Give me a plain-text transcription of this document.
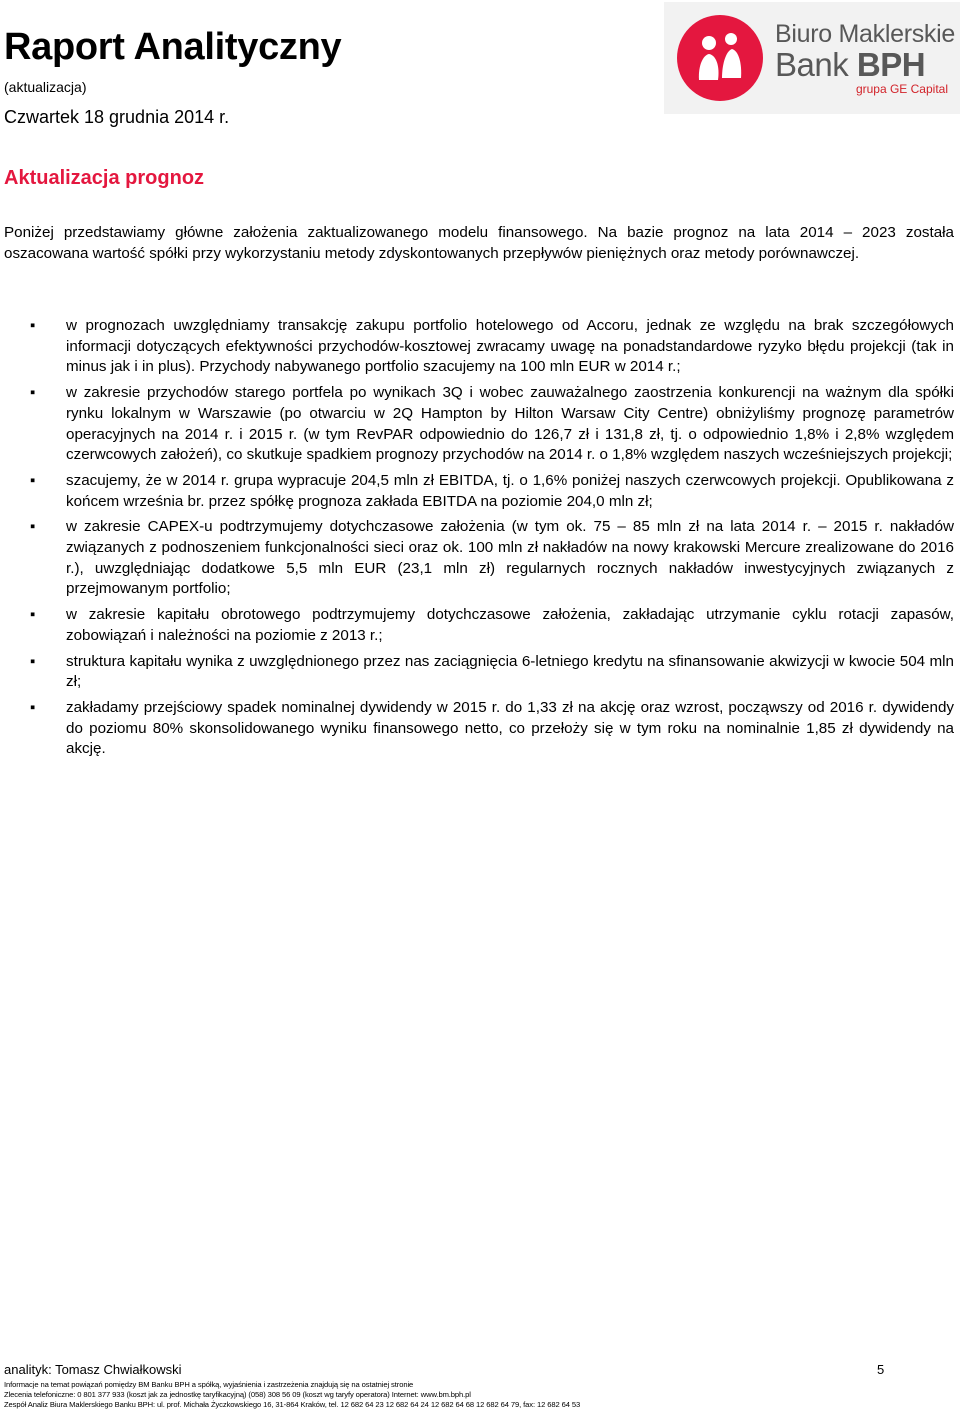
Raport Analityczny
(aktualizacja)
Czwartek 18 grudnia 2014 r.
Biuro Maklerskie
Bank BPH
grupa GE Capital
Aktualizacja prognoz

Poniżej przedstawiamy główne założenia zaktualizowanego modelu finansowego. Na bazie prognoz na lata 2014 – 2023 została oszacowana wartość spółki przy wykorzystaniu metody zdyskontowanych przepływów pieniężnych oraz metody porównawczej.

▪ w prognozach uwzględniamy transakcję zakupu portfolio hotelowego od Accoru, jednak ze względu na brak szczegółowych informacji dotyczących efektywności przychodów-kosztowej zwracamy uwagę na ponadstandardowe ryzyko błędu projekcji (tak in minus jak i in plus). Przychody nabywanego portfolio szacujemy na 100 mln EUR w 2014 r.;
▪ w zakresie przychodów starego portfela po wynikach 3Q i wobec zauważalnego zaostrzenia konkurencji na ważnym dla spółki rynku lokalnym w Warszawie (po otwarciu w 2Q Hampton by Hilton Warsaw City Centre) obniżyliśmy prognozę parametrów operacyjnych na 2014 r. i 2015 r. (w tym RevPAR odpowiednio do 126,7 zł i 131,8 zł, tj. o odpowiednio 1,8% i 2,8% względem czerwcowych założeń), co skutkuje spadkiem prognozy przychodów na 2014 r. o 1,8% względem naszych wcześniejszych projekcji;
▪ szacujemy, że w 2014 r. grupa wypracuje 204,5 mln zł EBITDA, tj. o 1,6% poniżej naszych czerwcowych projekcji. Opublikowana z końcem września br. przez spółkę prognoza zakłada EBITDA na poziomie 204,0 mln zł;
▪ w zakresie CAPEX-u podtrzymujemy dotychczasowe założenia (w tym ok. 75 – 85 mln zł na lata 2014 r. – 2015 r. nakładów związanych z podnoszeniem funkcjonalności sieci oraz ok. 100 mln zł nakładów na nowy krakowski Mercure zrealizowane do 2016 r.), uwzględniając dodatkowe 5,5 mln EUR (23,1 mln zł) regularnych rocznych nakładów inwestycyjnych związanych z przejmowanym portfolio;
▪ w zakresie kapitału obrotowego podtrzymujemy dotychczasowe założenia, zakładając utrzymanie cyklu rotacji zapasów, zobowiązań i należności na poziomie z 2013 r.;
▪ struktura kapitału wynika z uwzględnionego przez nas zaciągnięcia 6-letniego kredytu na sfinansowanie akwizycji w kwocie 504 mln zł;
▪ zakładamy przejściowy spadek nominalnej dywidendy w 2015 r. do 1,33 zł na akcję oraz wzrost, począwszy od 2016 r. dywidendy do poziomu 80% skonsolidowanego wyniku finansowego netto, co przełoży się w tym roku na nominalnie 1,85 zł dywidendy na akcję.
analityk: Tomasz Chwiałkowski	5
Informacje na temat powiązań pomiędzy BM Banku BPH a spółką, wyjaśnienia i zastrzeżenia znajdują się na ostatniej stronie
Zlecenia telefoniczne: 0 801 377 933 (koszt jak za jednostkę taryfikacyjną) (058) 308 56 09 (koszt wg taryfy operatora) Internet: www.bm.bph.pl
Zespół Analiz Biura Maklerskiego Banku BPH: ul. prof. Michała Życzkowskiego 16, 31-864 Kraków, tel. 12 682 64 23 12 682 64 24 12 682 64 68 12 682 64 79, fax: 12 682 64 53
